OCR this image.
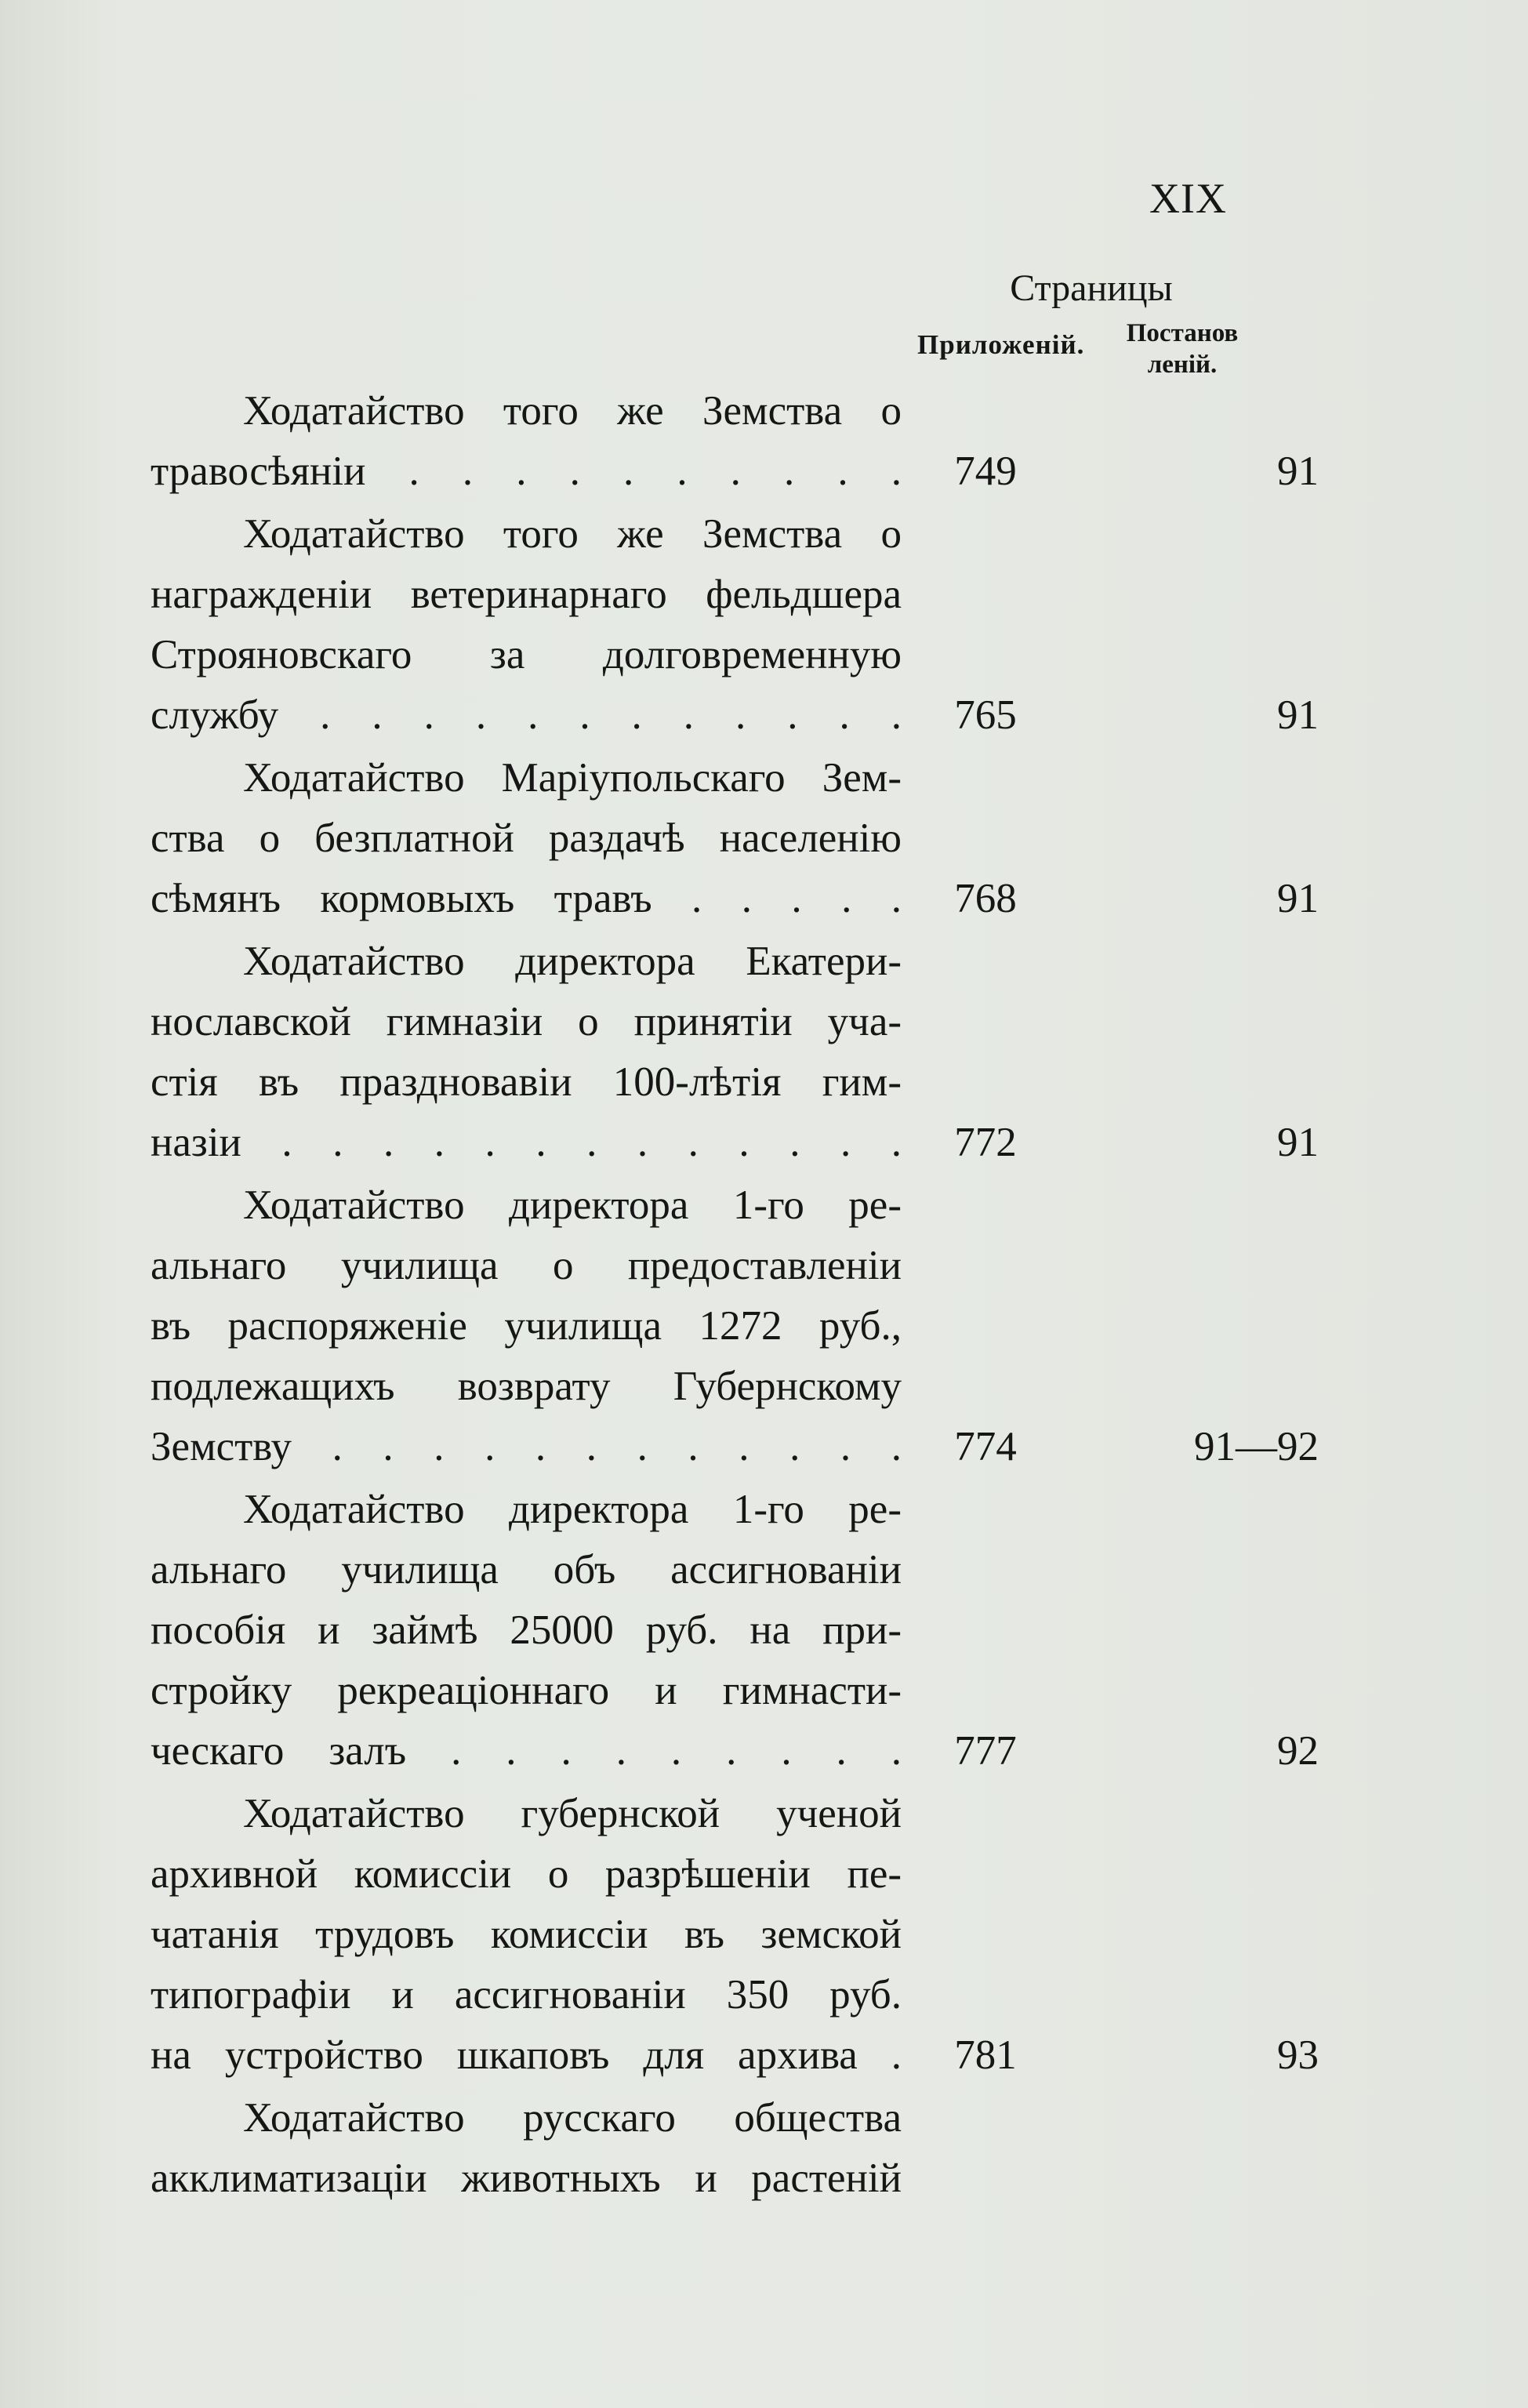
XIX
Страницы
Приложеній.	Постанов
леній.
Ходатайство того же Земства о
травосѣяніи . . . . . . . . . .	749	91
Ходатайство того же Земства о
награжденіи ветеринарнаго фельдшера
Строяновскаго за долговременную
службу . . . . . . . . . . . .	765	91
Ходатайство Маріупольскаго Зем-
ства о безплатной раздачѣ населенію
сѣмянъ кормовыхъ травъ . . . . .	768	91
Ходатайство директора Екатери-
нославской гимназіи о принятіи уча-
стія въ праздновавіи 100-лѣтія гим-
назіи . . . . . . . . . . . . .	772	91
Ходатайство директора 1-го ре-
альнаго училища о предоставленіи
въ распоряженіе училища 1272 руб.,
подлежащихъ возврату Губернскому
Земству . . . . . . . . . . . .	774	91—92
Ходатайство директора 1-го ре-
альнаго училища объ ассигнованіи
пособія и займѣ 25000 руб. на при-
стройку рекреаціоннаго и гимнасти-
ческаго залъ . . . . . . . . .	777	92
Ходатайство губернской ученой
архивной комиссіи о разрѣшеніи пе-
чатанія трудовъ комиссіи въ земской
типографіи и ассигнованіи 350 руб.
на устройство шкаповъ для архива .	781	93
Ходатайство русскаго общества
акклиматизаціи животныхъ и растеній
